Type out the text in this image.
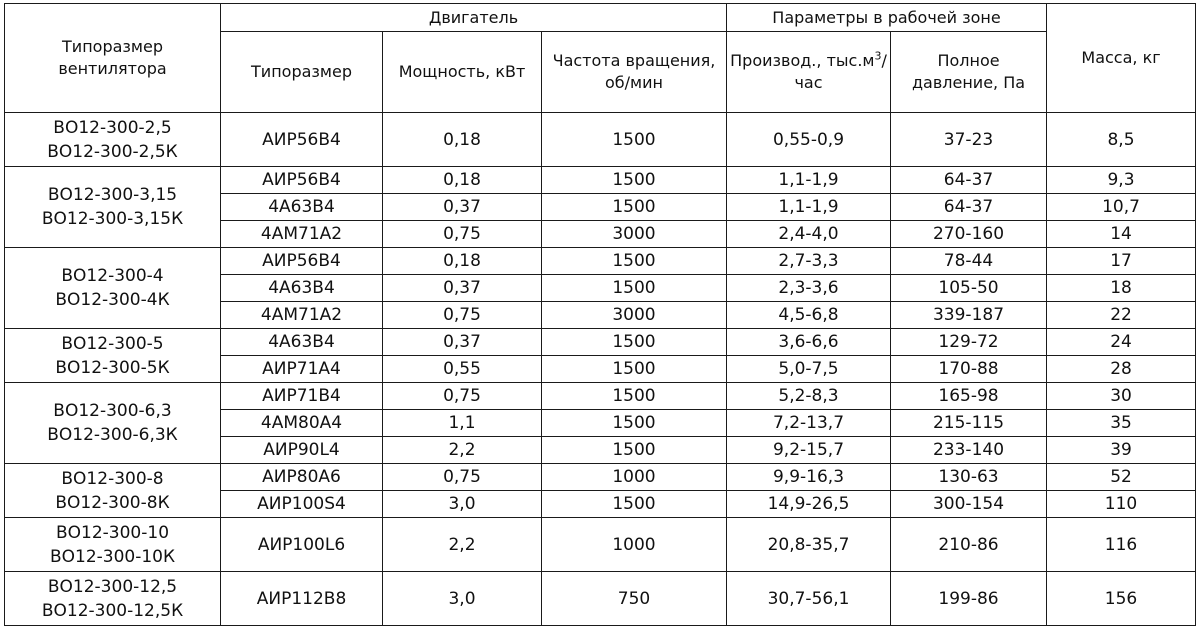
Типоразмер вентилятора	Двигатель			Параметры в рабочей зоне		Масса, кг
	Типоразмер	Мощность, кВт	Частота вращения, об/мин	Производ., $тыс.м^3$/час	Полное давление, Па	

ВО12-300-2,5
ВО12-300-2,5К	АИР56В4	0,18	1500	0,55-0,9	37-23	8,5

ВО12-300-3,15
ВО12-300-3,15К	АИР56В4	0,18	1500	1,1-1,9	64-37	9,3
	4А63В4	0,37	1500	1,1-1,9	64-37	10,7
	4АМ71А2	0,75	3000	2,4-4,0	270-160	14

ВО12-300-4
ВО12-300-4К	АИР56В4	0,18	1500	2,7-3,3	78-44	17
	4А63В4	0,37	1500	2,3-3,6	105-50	18
	4АМ71А2	0,75	3000	4,5-6,8	339-187	22

ВО12-300-5
ВО12-300-5К	4А63В4	0,37	1500	3,6-6,6	129-72	24
	АИР71А4	0,55	1500	5,0-7,5	170-88	28

ВО12-300-6,3
ВО12-300-6,3К	АИР71В4	0,75	1500	5,2-8,3	165-98	30
	4АМ80А4	1,1	1500	7,2-13,7	215-115	35
	АИР90L4	2,2	1500	9,2-15,7	233-140	39

ВО12-300-8
ВО12-300-8К	АИР80А6	0,75	1000	9,9-16,3	130-63	52
	АИР100S4	3,0	1500	14,9-26,5	300-154	110

ВО12-300-10
ВО12-300-10К	АИР100L6	2,2	1000	20,8-35,7	210-86	116

ВО12-300-12,5
ВО12-300-12,5К	АИР112В8	3,0	750	30,7-56,1	199-86	156
